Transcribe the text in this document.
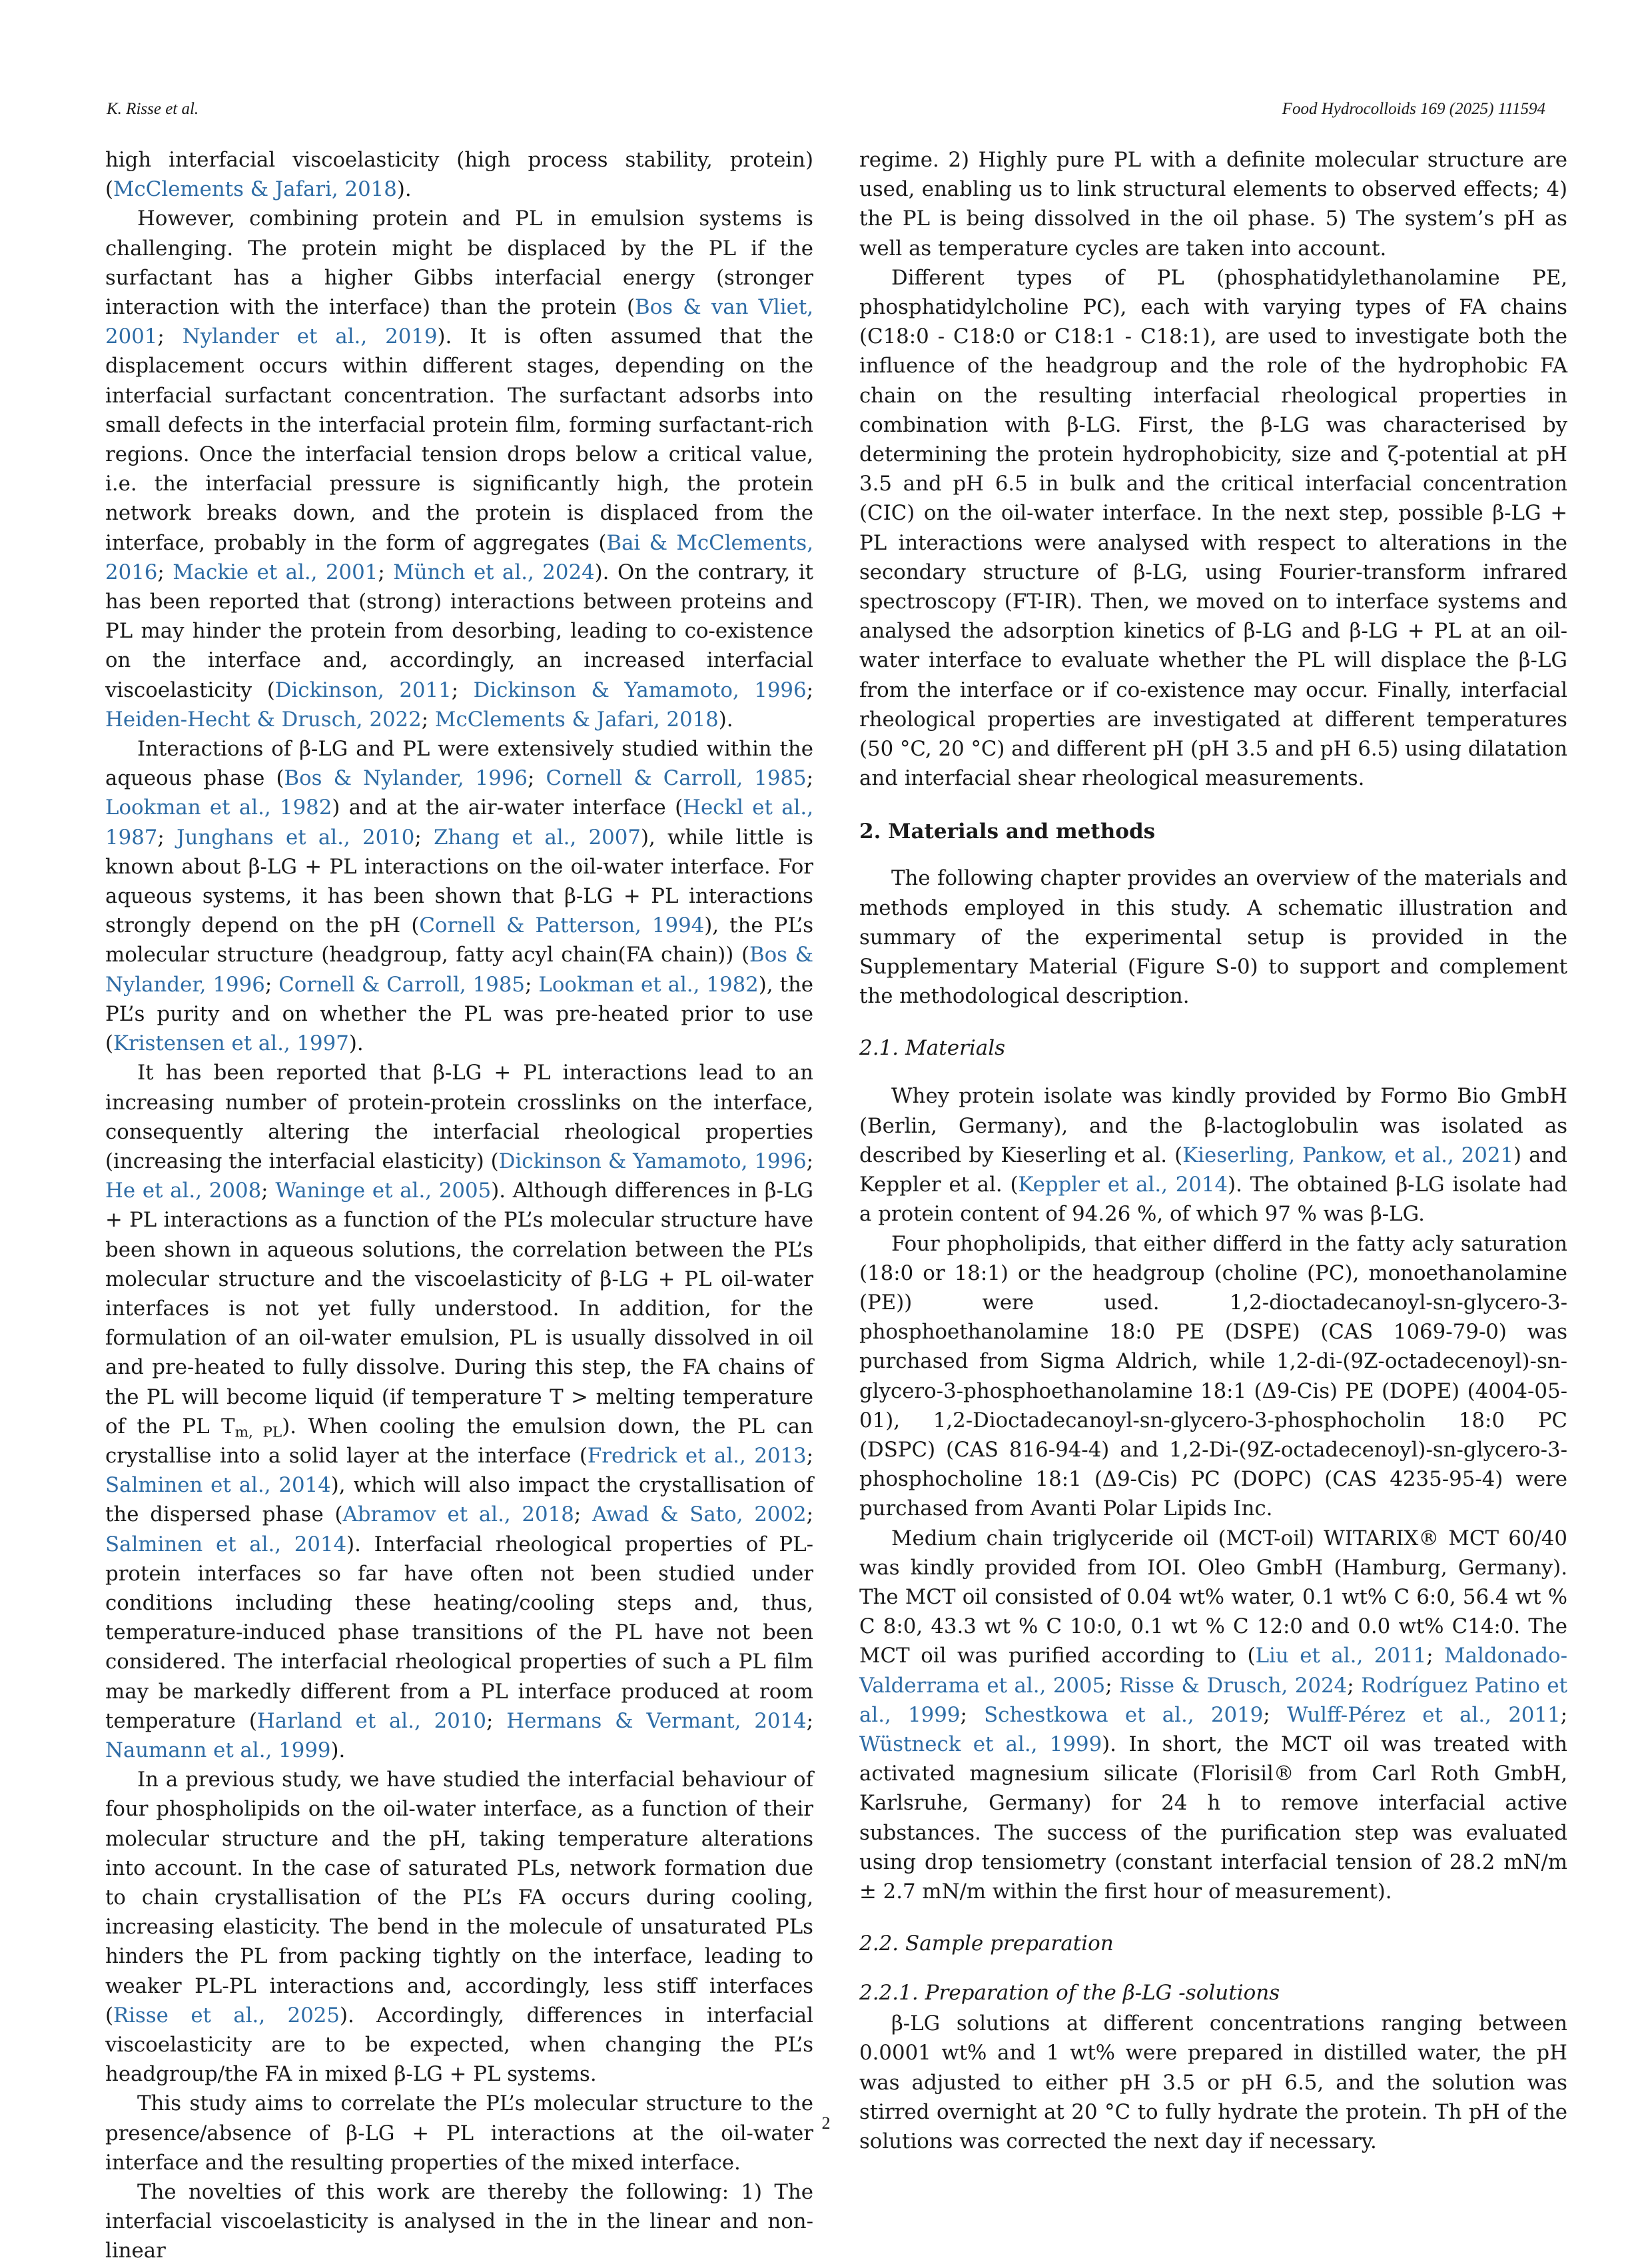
K. Risse et al.	Food Hydrocolloids 169 (2025) 111594

high interfacial viscoelasticity (high process stability, protein) (McClements & Jafari, 2018).

However, combining protein and PL in emulsion systems is challenging. The protein might be displaced by the PL if the surfactant has a higher Gibbs interfacial energy (stronger interaction with the interface) than the protein (Bos & van Vliet, 2001; Nylander et al., 2019). It is often assumed that the displacement occurs within different stages, depending on the interfacial surfactant concentration. The surfactant adsorbs into small defects in the interfacial protein film, forming surfactant-rich regions. Once the interfacial tension drops below a critical value, i.e. the interfacial pressure is significantly high, the protein network breaks down, and the protein is displaced from the interface, probably in the form of aggregates (Bai & McClements, 2016; Mackie et al., 2001; Münch et al., 2024). On the contrary, it has been reported that (strong) interactions between proteins and PL may hinder the protein from desorbing, leading to co-existence on the interface and, accordingly, an increased interfacial viscoelasticity (Dickinson, 2011; Dickinson & Yamamoto, 1996; Heiden-Hecht & Drusch, 2022; McClements & Jafari, 2018).

Interactions of β-LG and PL were extensively studied within the aqueous phase (Bos & Nylander, 1996; Cornell & Carroll, 1985; Lookman et al., 1982) and at the air-water interface (Heckl et al., 1987; Junghans et al., 2010; Zhang et al., 2007), while little is known about β-LG + PL interactions on the oil-water interface. For aqueous systems, it has been shown that β-LG + PL interactions strongly depend on the pH (Cornell & Patterson, 1994), the PL’s molecular structure (headgroup, fatty acyl chain(FA chain)) (Bos & Nylander, 1996; Cornell & Carroll, 1985; Lookman et al., 1982), the PL’s purity and on whether the PL was pre-heated prior to use (Kristensen et al., 1997).

It has been reported that β-LG + PL interactions lead to an increasing number of protein-protein crosslinks on the interface, consequently altering the interfacial rheological properties (increasing the interfacial elasticity) (Dickinson & Yamamoto, 1996; He et al., 2008; Waninge et al., 2005). Although differences in β-LG + PL interactions as a function of the PL’s molecular structure have been shown in aqueous solutions, the correlation between the PL’s molecular structure and the viscoelasticity of β-LG + PL oil-water interfaces is not yet fully understood. In addition, for the formulation of an oil-water emulsion, PL is usually dissolved in oil and pre-heated to fully dissolve. During this step, the FA chains of the PL will become liquid (if temperature T > melting temperature of the PL $T_{m, PL}$). When cooling the emulsion down, the PL can crystallise into a solid layer at the interface (Fredrick et al., 2013; Salminen et al., 2014), which will also impact the crystallisation of the dispersed phase (Abramov et al., 2018; Awad & Sato, 2002; Salminen et al., 2014). Interfacial rheological properties of PL-protein interfaces so far have often not been studied under conditions including these heating/cooling steps and, thus, temperature-induced phase transitions of the PL have not been considered. The interfacial rheological properties of such a PL film may be markedly different from a PL interface produced at room temperature (Harland et al., 2010; Hermans & Vermant, 2014; Naumann et al., 1999).

In a previous study, we have studied the interfacial behaviour of four phospholipids on the oil-water interface, as a function of their molecular structure and the pH, taking temperature alterations into account. In the case of saturated PLs, network formation due to chain crystallisation of the PL’s FA occurs during cooling, increasing elasticity. The bend in the molecule of unsaturated PLs hinders the PL from packing tightly on the interface, leading to weaker PL-PL interactions and, accordingly, less stiff interfaces (Risse et al., 2025). Accordingly, differences in interfacial viscoelasticity are to be expected, when changing the PL’s headgroup/the FA in mixed β-LG + PL systems.

This study aims to correlate the PL’s molecular structure to the presence/absence of β-LG + PL interactions at the oil-water interface and the resulting properties of the mixed interface.

The novelties of this work are thereby the following: 1) The interfacial viscoelasticity is analysed in the in the linear and non-linear

regime. 2) Highly pure PL with a definite molecular structure are used, enabling us to link structural elements to observed effects; 4) the PL is being dissolved in the oil phase. 5) The system’s pH as well as temperature cycles are taken into account.

Different types of PL (phosphatidylethanolamine PE, phosphatidylcholine PC), each with varying types of FA chains (C18:0 - C18:0 or C18:1 - C18:1), are used to investigate both the influence of the headgroup and the role of the hydrophobic FA chain on the resulting interfacial rheological properties in combination with β-LG. First, the β-LG was characterised by determining the protein hydrophobicity, size and ζ-potential at pH 3.5 and pH 6.5 in bulk and the critical interfacial concentration (CIC) on the oil-water interface. In the next step, possible β-LG + PL interactions were analysed with respect to alterations in the secondary structure of β-LG, using Fourier-transform infrared spectroscopy (FT-IR). Then, we moved on to interface systems and analysed the adsorption kinetics of β-LG and β-LG + PL at an oil-water interface to evaluate whether the PL will displace the β-LG from the interface or if co-existence may occur. Finally, interfacial rheological properties are investigated at different temperatures (50 °C, 20 °C) and different pH (pH 3.5 and pH 6.5) using dilatation and interfacial shear rheological measurements.

2. Materials and methods

The following chapter provides an overview of the materials and methods employed in this study. A schematic illustration and summary of the experimental setup is provided in the Supplementary Material (Figure S-0) to support and complement the methodological description.

2.1. Materials

Whey protein isolate was kindly provided by Formo Bio GmbH (Berlin, Germany), and the β-lactoglobulin was isolated as described by Kieserling et al. (Kieserling, Pankow, et al., 2021) and Keppler et al. (Keppler et al., 2014). The obtained β-LG isolate had a protein content of 94.26 %, of which 97 % was β-LG.

Four phopholipids, that either differd in the fatty acly saturation (18:0 or 18:1) or the headgroup (choline (PC), monoethanolamine (PE)) were used. 1,2-dioctadecanoyl-sn-glycero-3-phosphoethanolamine 18:0 PE (DSPE) (CAS 1069-79-0) was purchased from Sigma Aldrich, while 1,2-di-(9Z-octadecenoyl)-sn-glycero-3-phosphoethanolamine 18:1 (Δ9-Cis) PE (DOPE) (4004-05-01), 1,2-Dioctadecanoyl-sn-glycero-3-phosphocholin 18:0 PC (DSPC) (CAS 816-94-4) and 1,2-Di-(9Z-octadecenoyl)-sn-glycero-3-phosphocholine 18:1 (Δ9-Cis) PC (DOPC) (CAS 4235-95-4) were purchased from Avanti Polar Lipids Inc.

Medium chain triglyceride oil (MCT-oil) WITARIX® MCT 60/40 was kindly provided from IOI. Oleo GmbH (Hamburg, Germany). The MCT oil consisted of 0.04 wt% water, 0.1 wt% C 6:0, 56.4 wt % C 8:0, 43.3 wt % C 10:0, 0.1 wt % C 12:0 and 0.0 wt% C14:0. The MCT oil was purified according to (Liu et al., 2011; Maldonado-Valderrama et al., 2005; Risse & Drusch, 2024; Rodríguez Patino et al., 1999; Schestkowa et al., 2019; Wulff-Pérez et al., 2011; Wüstneck et al., 1999). In short, the MCT oil was treated with activated magnesium silicate (Florisil® from Carl Roth GmbH, Karlsruhe, Germany) for 24 h to remove interfacial active substances. The success of the purification step was evaluated using drop tensiometry (constant interfacial tension of 28.2 mN/m ± 2.7 mN/m within the first hour of measurement).

2.2. Sample preparation
2.2.1. Preparation of the β-LG -solutions

β-LG solutions at different concentrations ranging between 0.0001 wt% and 1 wt% were prepared in distilled water, the pH was adjusted to either pH 3.5 or pH 6.5, and the solution was stirred overnight at 20 °C to fully hydrate the protein. Th pH of the solutions was corrected the next day if necessary.

2
